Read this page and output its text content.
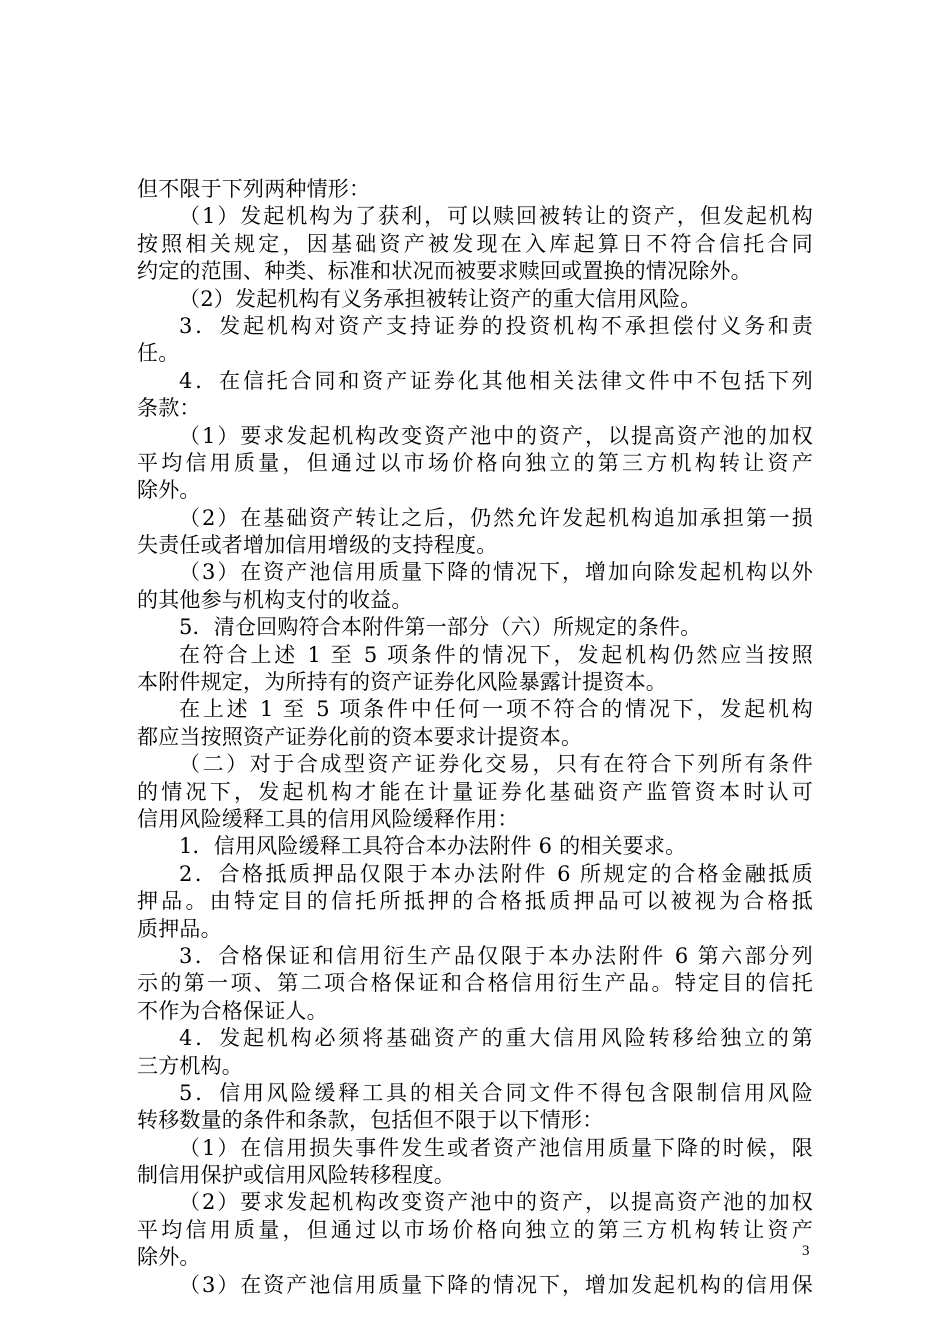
但不限于下列两种情形：
（1）发起机构为了获利，可以赎回被转让的资产，但发起机构
按照相关规定，因基础资产被发现在入库起算日不符合信托合同
约定的范围、种类、标准和状况而被要求赎回或置换的情况除外。
（2）发起机构有义务承担被转让资产的重大信用风险。
3．发起机构对资产支持证券的投资机构不承担偿付义务和责
任。
4．在信托合同和资产证券化其他相关法律文件中不包括下列
条款：
（1）要求发起机构改变资产池中的资产，以提高资产池的加权
平均信用质量，但通过以市场价格向独立的第三方机构转让资产
除外。
（2）在基础资产转让之后，仍然允许发起机构追加承担第一损
失责任或者增加信用增级的支持程度。
（3）在资产池信用质量下降的情况下，增加向除发起机构以外
的其他参与机构支付的收益。
5．清仓回购符合本附件第一部分（六）所规定的条件。
在符合上述 1 至 5 项条件的情况下，发起机构仍然应当按照
本附件规定，为所持有的资产证券化风险暴露计提资本。
在上述 1 至 5 项条件中任何一项不符合的情况下，发起机构
都应当按照资产证券化前的资本要求计提资本。
（二）对于合成型资产证券化交易，只有在符合下列所有条件
的情况下，发起机构才能在计量证券化基础资产监管资本时认可
信用风险缓释工具的信用风险缓释作用：
1．信用风险缓释工具符合本办法附件 6 的相关要求。
2．合格抵质押品仅限于本办法附件 6 所规定的合格金融抵质
押品。由特定目的信托所抵押的合格抵质押品可以被视为合格抵
质押品。
3．合格保证和信用衍生产品仅限于本办法附件 6 第六部分列
示的第一项、第二项合格保证和合格信用衍生产品。特定目的信托
不作为合格保证人。
4．发起机构必须将基础资产的重大信用风险转移给独立的第
三方机构。
5．信用风险缓释工具的相关合同文件不得包含限制信用风险
转移数量的条件和条款，包括但不限于以下情形：
（1）在信用损失事件发生或者资产池信用质量下降的时候，限
制信用保护或信用风险转移程度。
（2）要求发起机构改变资产池中的资产，以提高资产池的加权
平均信用质量，但通过以市场价格向独立的第三方机构转让资产
除外。
（3）在资产池信用质量下降的情况下，增加发起机构的信用保
3
